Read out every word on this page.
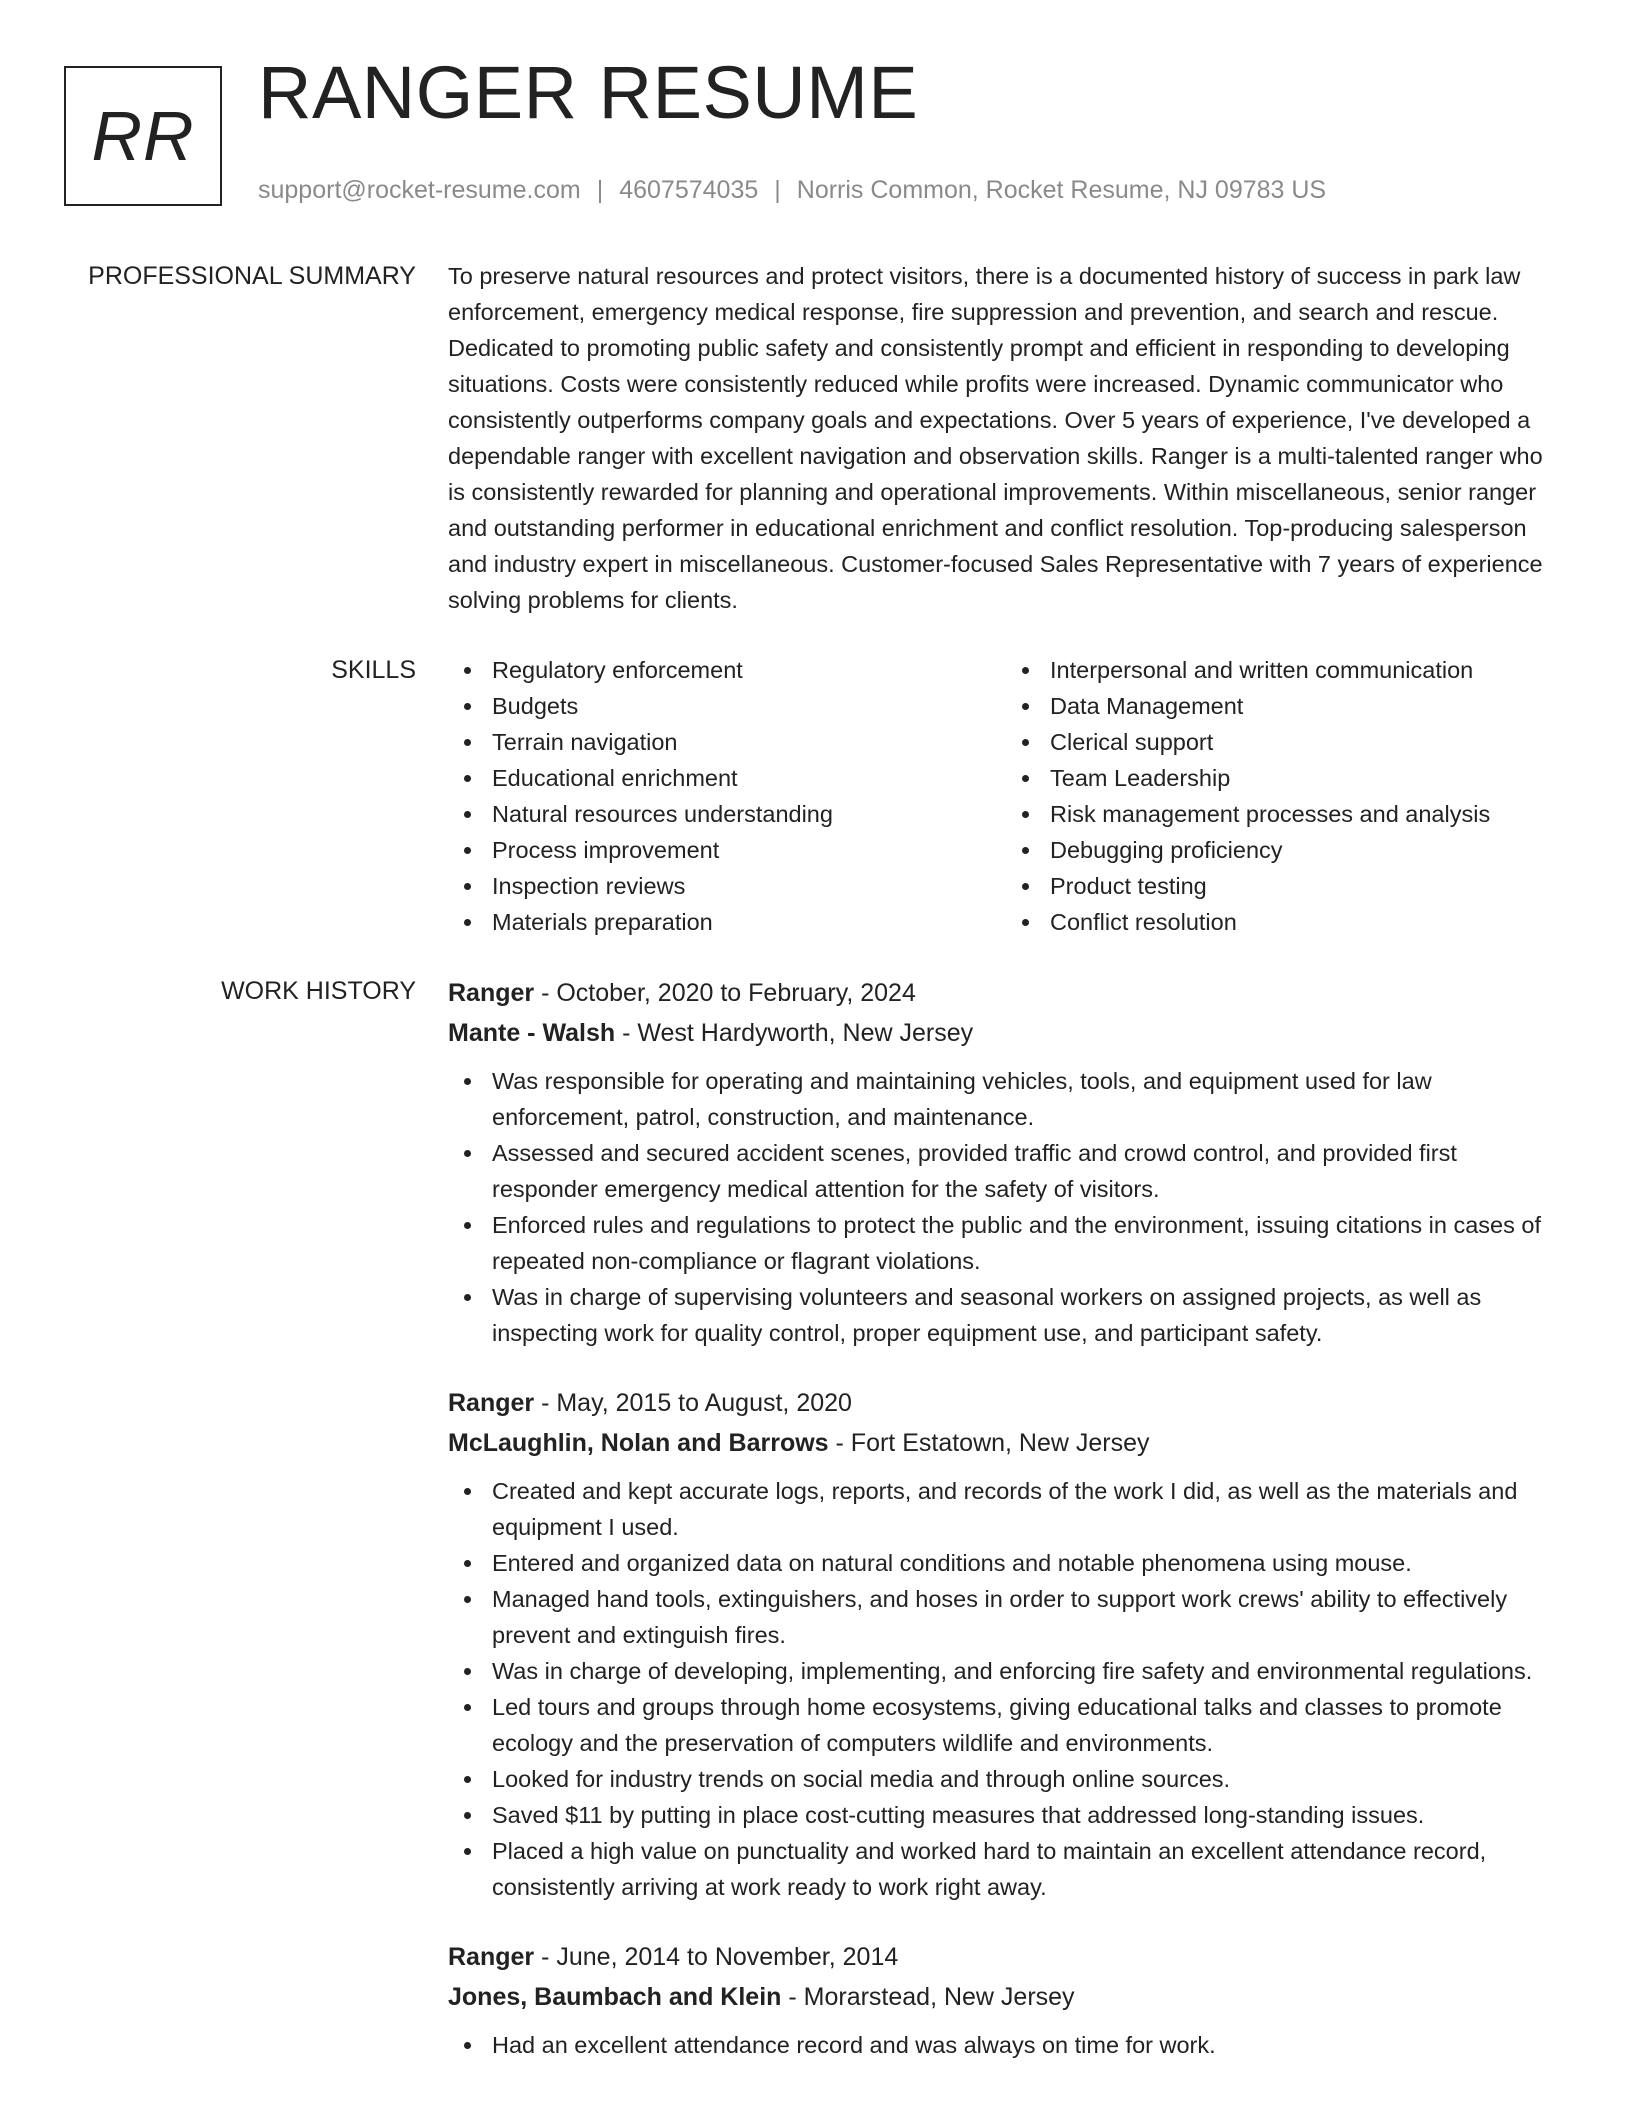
RR
RANGER RESUME
support@rocket-resume.com | 4607574035 | Norris Common, Rocket Resume, NJ 09783 US
PROFESSIONAL SUMMARY To preserve natural resources and protect visitors, there is a documented history of success in park law enforcement, emergency medical response, fire suppression and prevention, and search and rescue. Dedicated to promoting public safety and consistently prompt and efficient in responding to developing situations. Costs were consistently reduced while profits were increased. Dynamic communicator who consistently outperforms company goals and expectations. Over 5 years of experience, I've developed a dependable ranger with excellent navigation and observation skills. Ranger is a multi-talented ranger who is consistently rewarded for planning and operational improvements. Within miscellaneous, senior ranger and outstanding performer in educational enrichment and conflict resolution. Top-producing salesperson and industry expert in miscellaneous. Customer-focused Sales Representative with 7 years of experience solving problems for clients.

SKILLS	Regulatory enforcement
Budgets
Terrain navigation
Educational enrichment
Natural resources understanding
Process improvement
Inspection reviews
Materials preparation
Interpersonal and written communication
Data Management
Clerical support
Team Leadership
Risk management processes and analysis
Debugging proficiency
Product testing
Conflict resolution
WORK HISTORY Ranger - October, 2020 to February, 2024
Mante - Walsh - West Hardyworth, New Jersey
Was responsible for operating and maintaining vehicles, tools, and equipment used for law enforcement, patrol, construction, and maintenance.
Assessed and secured accident scenes, provided traffic and crowd control, and provided first responder emergency medical attention for the safety of visitors.
Enforced rules and regulations to protect the public and the environment, issuing citations in cases of repeated non-compliance or flagrant violations.
Was in charge of supervising volunteers and seasonal workers on assigned projects, as well as inspecting work for quality control, proper equipment use, and participant safety.
Ranger - May, 2015 to August, 2020
McLaughlin, Nolan and Barrows - Fort Estatown, New Jersey
Created and kept accurate logs, reports, and records of the work I did, as well as the materials and equipment I used.
Entered and organized data on natural conditions and notable phenomena using mouse.
Managed hand tools, extinguishers, and hoses in order to support work crews' ability to effectively prevent and extinguish fires.
Was in charge of developing, implementing, and enforcing fire safety and environmental regulations.
Led tours and groups through home ecosystems, giving educational talks and classes to promote ecology and the preservation of computers wildlife and environments.
Looked for industry trends on social media and through online sources.
Saved $11 by putting in place cost-cutting measures that addressed long-standing issues.
Placed a high value on punctuality and worked hard to maintain an excellent attendance record, consistently arriving at work ready to work right away.
Ranger - June, 2014 to November, 2014
Jones, Baumbach and Klein - Morarstead, New Jersey
Had an excellent attendance record and was always on time for work.
